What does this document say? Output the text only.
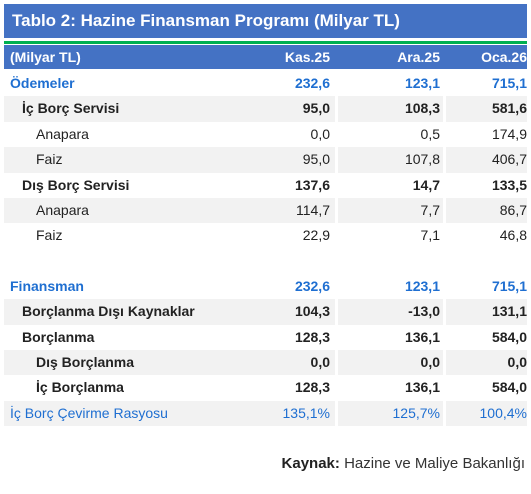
Tablo 2: Hazine Finansman Programı (Milyar TL)
(Milyar TL)	Kas.25	Ara.25	Oca.26
Ödemeler	232,6	123,1	715,1
İç Borç Servisi	95,0	108,3	581,6
Anapara	0,0	0,5	174,9
Faiz	95,0	107,8	406,7
Dış Borç Servisi	137,6	14,7	133,5
Anapara	114,7	7,7	86,7
Faiz	22,9	7,1	46,8
Finansman	232,6	123,1	715,1
Borçlanma Dışı Kaynaklar	104,3	-13,0	131,1
Borçlanma	128,3	136,1	584,0
Dış Borçlanma	0,0	0,0	0,0
İç Borçlanma	128,3	136,1	584,0
İç Borç Çevirme Rasyosu	135,1%	125,7%	100,4%
Kaynak: Hazine ve Maliye Bakanlığı
